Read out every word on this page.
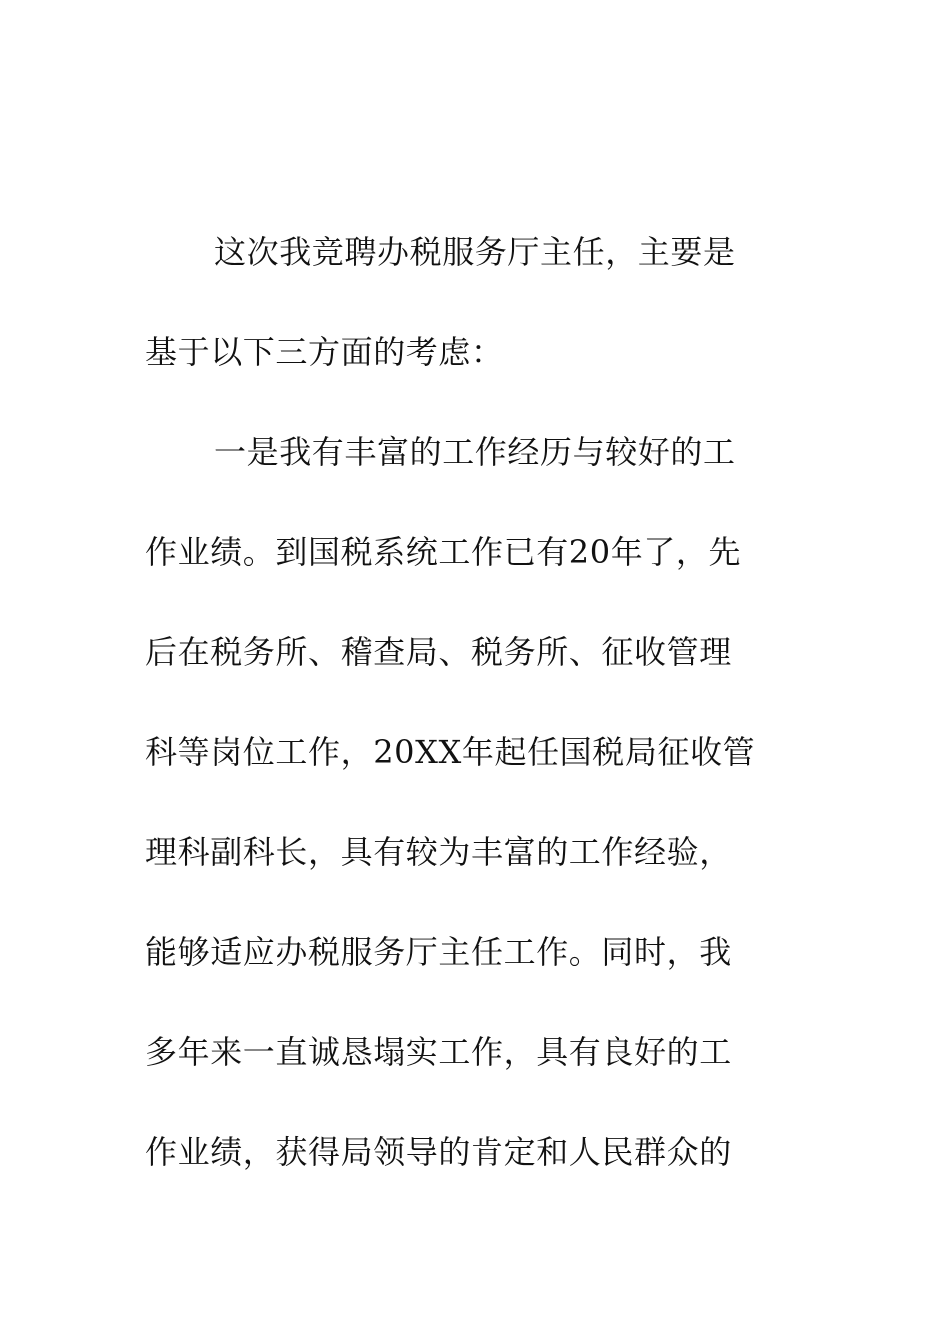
这次我竞聘办税服务厅主任，主要是
基于以下三方面的考虑：
一是我有丰富的工作经历与较好的工
作业绩。到国税系统工作已有20年了，先
后在税务所、稽查局、税务所、征收管理
科等岗位工作，20XX年起任国税局征收管
理科副科长，具有较为丰富的工作经验，
能够适应办税服务厅主任工作。同时，我
多年来一直诚恳塌实工作，具有良好的工
作业绩，获得局领导的肯定和人民群众的
